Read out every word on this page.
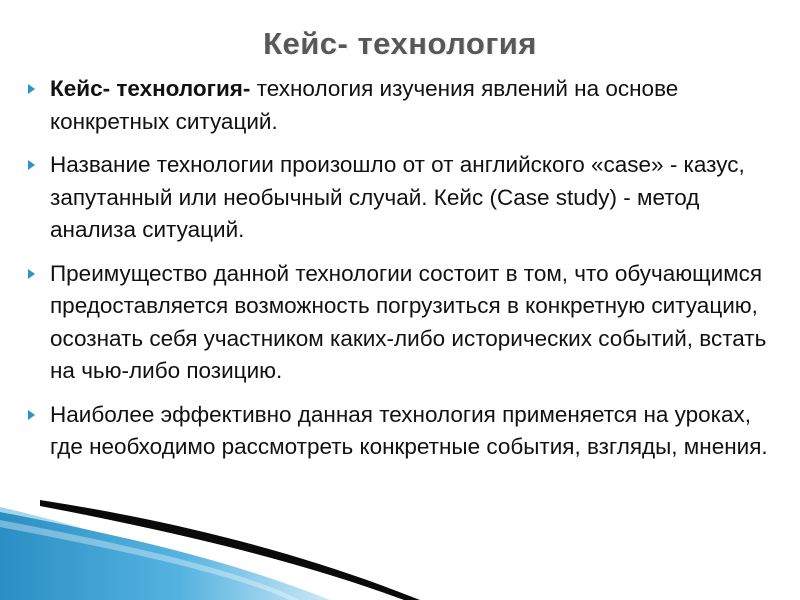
Кейс- технология
Кейс- технология- технология изучения явлений на основе конкретных ситуаций.
Название технологии произошло от от английского «case» - казус, запутанный или необычный случай. Кейс (Case study) - метод анализа ситуаций.
Преимущество данной технологии состоит в том, что обучающимся предоставляется возможность погрузиться в конкретную ситуацию, осознать себя участником каких-либо исторических событий, встать на чью-либо позицию.
Наиболее эффективно данная технология применяется на уроках, где необходимо рассмотреть конкретные события, взгляды, мнения.
